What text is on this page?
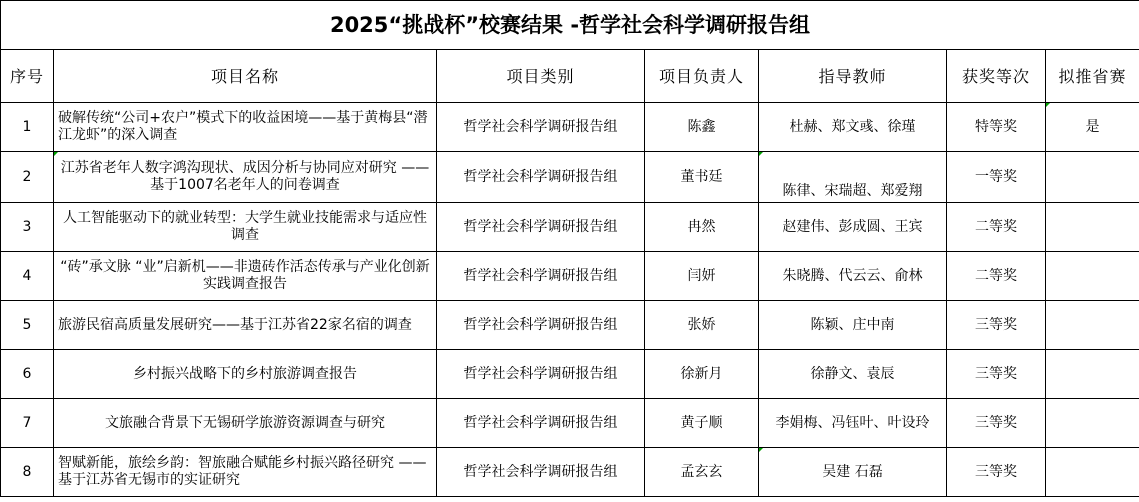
2025“挑战杯”校赛结果 -哲学社会科学调研报告组						
序号	项目名称	项目类别	项目负责人	指导教师	获奖等次	拟推省赛
1	破解传统“公司+农户”模式下的收益困境——基于黄梅县“潜江龙虾”的深入调查	哲学社会科学调研报告组	陈鑫	杜赫、郑文彧、徐瑾	特等奖	是
2	江苏省老年人数字鸿沟现状、成因分析与协同应对研究 ——基于1007名老年人的问卷调查	哲学社会科学调研报告组	董书廷	陈律、宋瑞超、郑爱翔	一等奖	
3	人工智能驱动下的就业转型：大学生就业技能需求与适应性调查	哲学社会科学调研报告组	冉然	赵建伟、彭成圆、王宾	二等奖	
4	“砖”承文脉 “业”启新机——非遗砖作活态传承与产业化创新实践调查报告	哲学社会科学调研报告组	闫妍	朱晓腾、代云云、俞林	二等奖	
5	旅游民宿高质量发展研究——基于江苏省22家名宿的调查	哲学社会科学调研报告组	张娇	陈颖、庄中南	三等奖	
6	乡村振兴战略下的乡村旅游调查报告	哲学社会科学调研报告组	徐新月	徐静文、袁辰	三等奖	
7	文旅融合背景下无锡研学旅游资源调查与研究	哲学社会科学调研报告组	黄子顺	李娟梅、冯钰叶、叶设玲	三等奖	
8	智赋新能，旅绘乡韵：智旅融合赋能乡村振兴路径研究 —— 基于江苏省无锡市的实证研究	哲学社会科学调研报告组	孟玄玄	吴建 石磊	三等奖	
